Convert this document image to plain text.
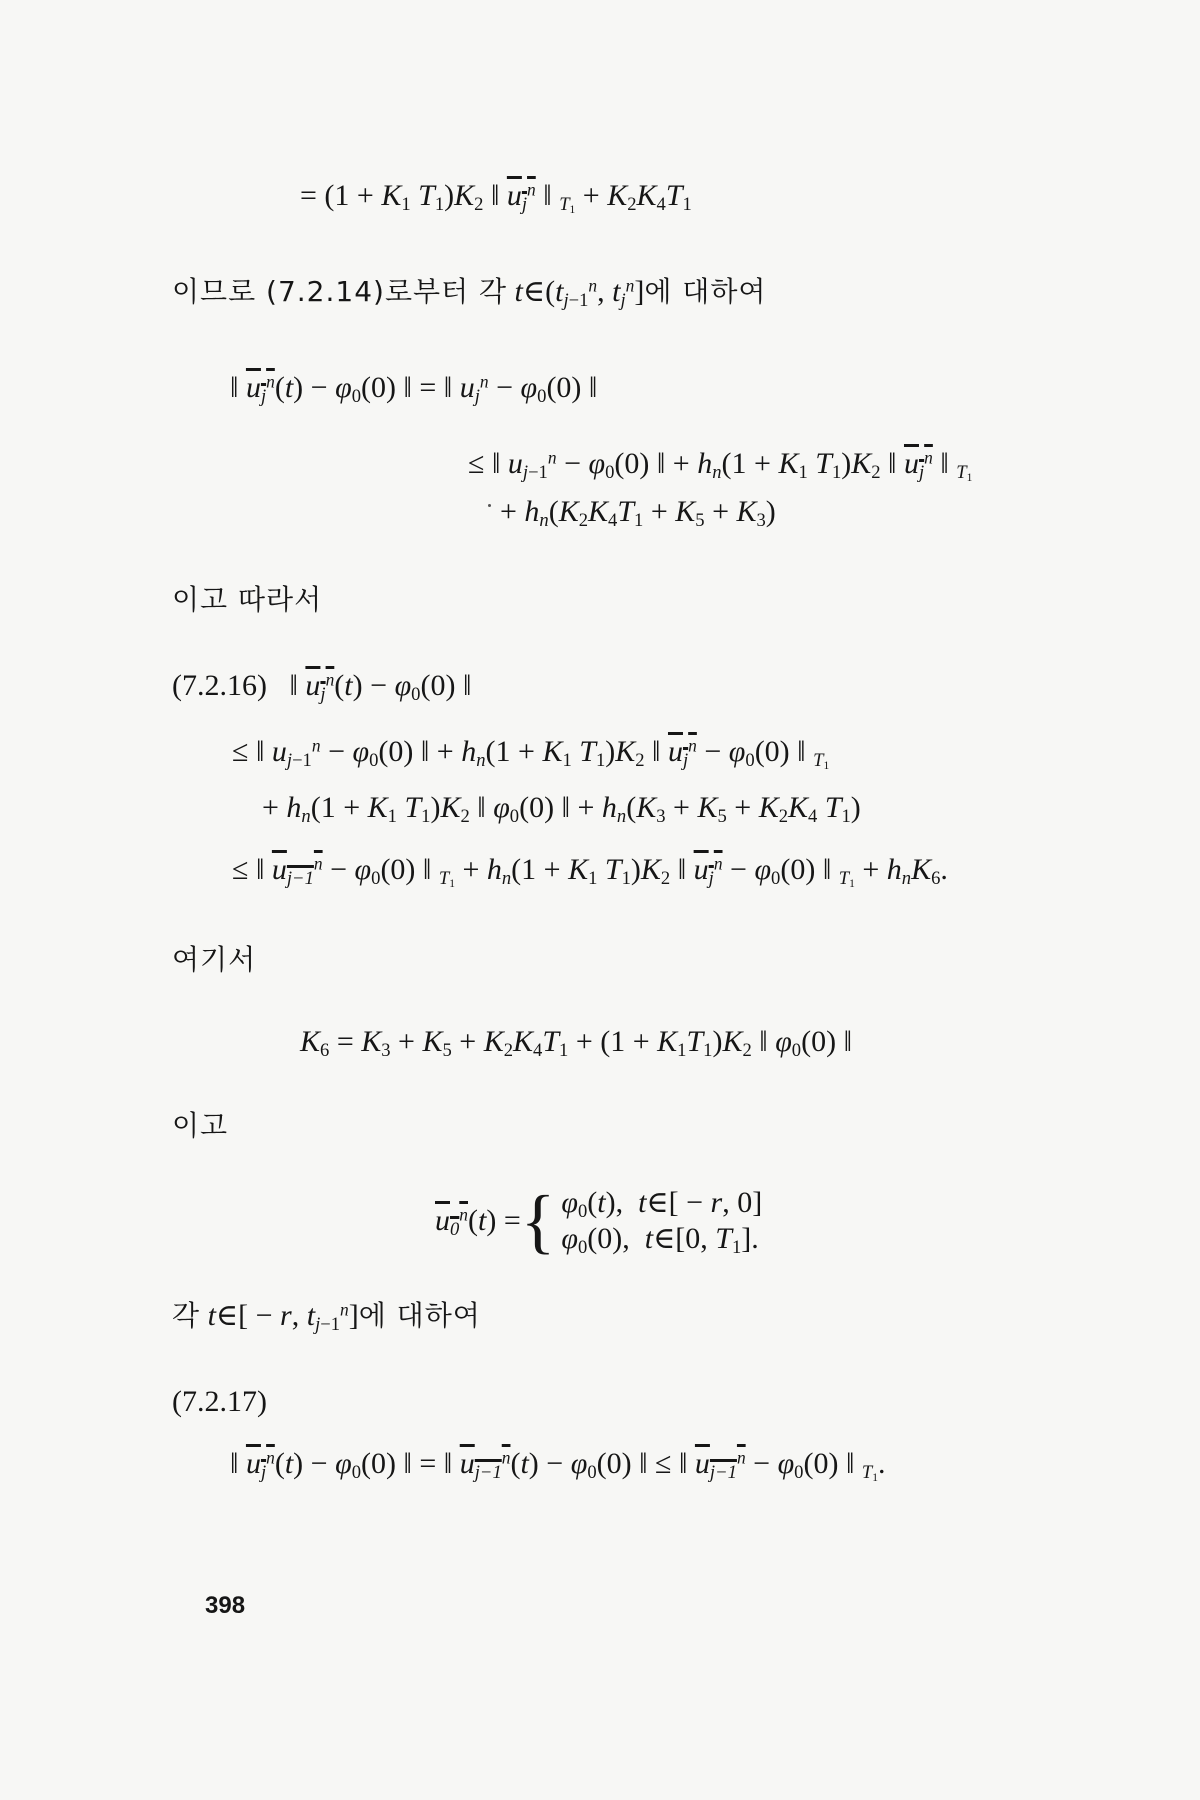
= ($1 + K_1$ $T_1)K_2$ ‖ $u_j^n$ ‖ $_{T_1} + K_2K_4T_1$
이므로 (7.2.14)로부터 각 $t\in(t_{j-1}^n$, $t_j^n$]에 대하여
‖ $u_j^n(t) - \varphi_0(0)$ ‖ = ‖ $u_j^n - \varphi_0(0)$ ‖
≤ ‖ $u_{j-1}^n - \varphi_0(0)$ ‖ + $h_n(1 + K_1$ $T_1)K_2$ ‖ $u_j^n$ ‖ $_{T_1}$
+ $h_n(K_2K_4T_1 + K_5 + K_3)$
이고 따라서
(7.2.16)   ‖ $u_j^n(t) - \varphi_0(0)$ ‖
≤ ‖ $u_{j-1}^n - \varphi_0(0)$ ‖ + $h_n(1 + K_1$ $T_1)K_2$ ‖ $u_j^n - \varphi_0(0)$ ‖ $_{T_1}$
+ $h_n(1 + K_1$ $T_1)K_2$ ‖ $\varphi_0(0)$ ‖ + $h_n(K_3 + K_5 + K_2K_4$ $T_1$)
≤ ‖ $u_{j-1}^n - \varphi_0(0)$ ‖ $_{T_1} + h_n(1 + K_1$ $T_1)K_2$ ‖ $u_j^n - \varphi_0(0)$ ‖ $_{T_1} + h_nK_6$.
여기서
$K_6 = K_3 + K_5 + K_2K_4T_1 + (1 + K_1T_1)K_2$ ‖ $\varphi_0(0)$ ‖
이고
$u_0^n(t)$ = { $\varphi_0(t)$,  t∈[ − r, 0]
$\varphi_0(0)$,  t∈[0, $T_1$].
각 t∈[ − r, $t_{j-1}^n$]에 대하여
(7.2.17)
‖ $u_j^n(t) - \varphi_0(0)$ ‖ = ‖ $u_{j-1}^n(t) - \varphi_0(0)$ ‖ ≤ ‖ $u_{j-1}^n - \varphi_0(0)$ ‖ $_{T_1}$.
398
